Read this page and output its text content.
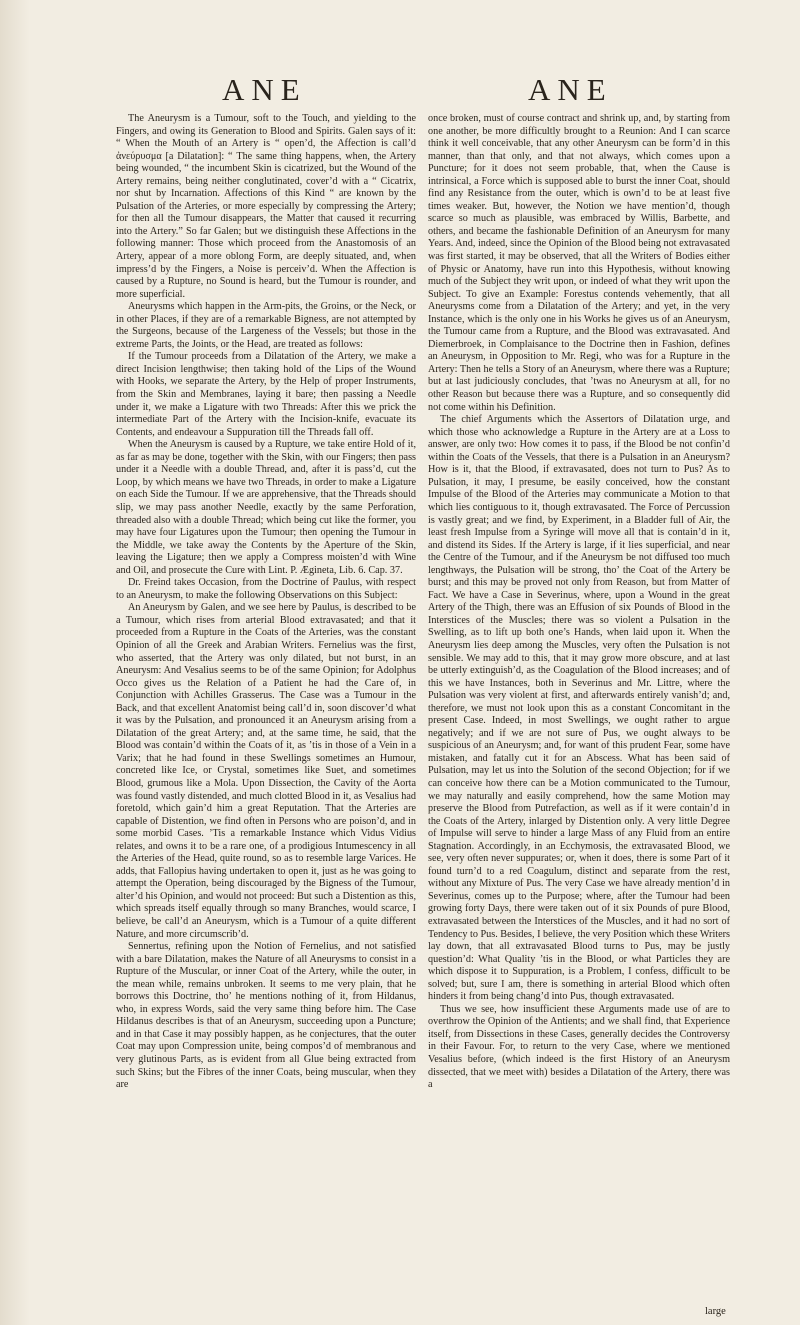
ANE	ANE

The Aneurysm is a Tumour, soft to the Touch, and yielding to the Fingers, and owing its Generation to Blood and Spirits. Galen says of it: “ When the Mouth of an Artery is “ open’d, the Affection is call’d ἀνεύρυσμα [a Dilatation]: “ The same thing happens, when, the Artery being wounded, “ the incumbent Skin is cicatrized, but the Wound of the Artery remains, being neither conglutinated, cover’d with a “ Cicatrix, nor shut by Incarnation. Affections of this Kind “ are known by the Pulsation of the Arteries, or more especially by compressing the Artery; for then all the Tumour disappears, the Matter that caused it recurring into the Artery.” So far Galen; but we distinguish these Affections in the following manner: Those which proceed from the Anastomosis of an Artery, appear of a more oblong Form, are deeply situated, and, when impress’d by the Fingers, a Noise is perceiv’d. When the Affection is caused by a Rupture, no Sound is heard, but the Tumour is rounder, and more superficial.

Aneurysms which happen in the Arm-pits, the Groins, or the Neck, or in other Places, if they are of a remarkable Bigness, are not attempted by the Surgeons, because of the Largeness of the Vessels; but those in the extreme Parts, the Joints, or the Head, are treated as follows:

If the Tumour proceeds from a Dilatation of the Artery, we make a direct Incision lengthwise; then taking hold of the Lips of the Wound with Hooks, we separate the Artery, by the Help of proper Instruments, from the Skin and Membranes, laying it bare; then passing a Needle under it, we make a Ligature with two Threads: After this we prick the intermediate Part of the Artery with the Incision-knife, evacuate its Contents, and endeavour a Suppuration till the Threads fall off.

When the Aneurysm is caused by a Rupture, we take entire Hold of it, as far as may be done, together with the Skin, with our Fingers; then pass under it a Needle with a double Thread, and, after it is pass’d, cut the Loop, by which means we have two Threads, in order to make a Ligature on each Side the Tumour. If we are apprehensive, that the Threads should slip, we may pass another Needle, exactly by the same Perforation, threaded also with a double Thread; which being cut like the former, you may have four Ligatures upon the Tumour; then opening the Tumour in the Middle, we take away the Contents by the Aperture of the Skin, leaving the Ligature; then we apply a Compress moisten’d with Wine and Oil, and prosecute the Cure with Lint. P. Ægineta, Lib. 6. Cap. 37.

Dr. Freind takes Occasion, from the Doctrine of Paulus, with respect to an Aneurysm, to make the following Observations on this Subject:

An Aneurysm by Galen, and we see here by Paulus, is described to be a Tumour, which rises from arterial Blood extravasated; and that it proceeded from a Rupture in the Coats of the Arteries, was the constant Opinion of all the Greek and Arabian Writers. Fernelius was the first, who asserted, that the Artery was only dilated, but not burst, in an Aneurysm: And Vesalius seems to be of the same Opinion; for Adolphus Occo gives us the Relation of a Patient he had the Care of, in Conjunction with Achilles Grasserus. The Case was a Tumour in the Back, and that excellent Anatomist being call’d in, soon discover’d what it was by the Pulsation, and pronounced it an Aneurysm arising from a Dilatation of the great Artery; and, at the same time, he said, that the Blood was contain’d within the Coats of it, as ’tis in those of a Vein in a Varix; that he had found in these Swellings sometimes an Humour, concreted like Ice, or Crystal, sometimes like Suet, and sometimes Blood, grumous like a Mola. Upon Dissection, the Cavity of the Aorta was found vastly distended, and much clotted Blood in it, as Vesalius had foretold, which gain’d him a great Reputation. That the Arteries are capable of Distention, we find often in Persons who are poison’d, and in some morbid Cases. ’Tis a remarkable Instance which Vidus Vidius relates, and owns it to be a rare one, of a prodigious Intumescency in all the Arteries of the Head, quite round, so as to resemble large Varices. He adds, that Fallopius having undertaken to open it, just as he was going to attempt the Operation, being discouraged by the Bigness of the Tumour, alter’d his Opinion, and would not proceed: But such a Distention as this, which spreads itself equally through so many Branches, would scarce, I believe, be call’d an Aneurysm, which is a Tumour of a quite different Nature, and more circumscrib’d.

Sennertus, refining upon the Notion of Fernelius, and not satisfied with a bare Dilatation, makes the Nature of all Aneurysms to consist in a Rupture of the Muscular, or inner Coat of the Artery, while the outer, in the mean while, remains unbroken. It seems to me very plain, that he borrows this Doctrine, tho’ he mentions nothing of it, from Hildanus, who, in express Words, said the very same thing before him. The Case Hildanus describes is that of an Aneurysm, succeeding upon a Puncture; and in that Case it may possibly happen, as he conjectures, that the outer Coat may upon Compression unite, being compos’d of membranous and very glutinous Parts, as is evident from all Glue being extracted from such Skins; but the Fibres of the inner Coats, being muscular, when they are

once broken, must of course contract and shrink up, and, by starting from one another, be more difficultly brought to a Reunion: And I can scarce think it well conceivable, that any other Aneurysm can be form’d in this manner, than that only, and that not always, which comes upon a Puncture; for it does not seem probable, that, when the Cause is intrinsical, a Force which is supposed able to burst the inner Coat, should find any Resistance from the outer, which is own’d to be at least five times weaker. But, however, the Notion we have mention’d, though scarce so much as plausible, was embraced by Willis, Barbette, and others, and became the fashionable Definition of an Aneurysm for many Years. And, indeed, since the Opinion of the Blood being not extravasated was first started, it may be observed, that all the Writers of Bodies either of Physic or Anatomy, have run into this Hypothesis, without knowing much of the Subject they writ upon, or indeed of what they writ upon the Subject. To give an Example: Forestus contends vehemently, that all Aneurysms come from a Dilatation of the Artery; and yet, in the very Instance, which is the only one in his Works he gives us of an Aneurysm, the Tumour came from a Rupture, and the Blood was extravasated. And Diemerbroek, in Complaisance to the Doctrine then in Fashion, defines an Aneurysm, in Opposition to Mr. Regi, who was for a Rupture in the Artery: Then he tells a Story of an Aneurysm, where there was a Rupture; but at last judiciously concludes, that ’twas no Aneurysm at all, for no other Reason but because there was a Rupture, and so consequently did not come within his Definition.

The chief Arguments which the Assertors of Dilatation urge, and which those who acknowledge a Rupture in the Artery are at a Loss to answer, are only two: How comes it to pass, if the Blood be not confin’d within the Coats of the Vessels, that there is a Pulsation in an Aneurysm? How is it, that the Blood, if extravasated, does not turn to Pus? As to Pulsation, it may, I presume, be easily conceived, how the constant Impulse of the Blood of the Arteries may communicate a Motion to that which lies contiguous to it, though extravasated. The Force of Percussion is vastly great; and we find, by Experiment, in a Bladder full of Air, the least fresh Impulse from a Syringe will move all that is contain’d in it, and distend its Sides. If the Artery is large, if it lies superficial, and near the Centre of the Tumour, and if the Aneurysm be not diffused too much lengthways, the Pulsation will be strong, tho’ the Coat of the Artery be burst; and this may be proved not only from Reason, but from Matter of Fact. We have a Case in Severinus, where, upon a Wound in the great Artery of the Thigh, there was an Effusion of six Pounds of Blood in the Interstices of the Muscles; there was so violent a Pulsation in the Swelling, as to lift up both one’s Hands, when laid upon it. When the Aneurysm lies deep among the Muscles, very often the Pulsation is not sensible. We may add to this, that it may grow more obscure, and at last be utterly extinguish’d, as the Coagulation of the Blood increases; and of this we have Instances, both in Severinus and Mr. Littre, where the Pulsation was very violent at first, and afterwards entirely vanish’d; and, therefore, we must not look upon this as a constant Concomitant in the present Case. Indeed, in most Swellings, we ought rather to argue negatively; and if we are not sure of Pus, we ought always to be suspicious of an Aneurysm; and, for want of this prudent Fear, some have mistaken, and fatally cut it for an Abscess. What has been said of Pulsation, may let us into the Solution of the second Objection; for if we can conceive how there can be a Motion communicated to the Tumour, we may naturally and easily comprehend, how the same Motion may preserve the Blood from Putrefaction, as well as if it were contain’d in the Coats of the Artery, inlarged by Distention only. A very little Degree of Impulse will serve to hinder a large Mass of any Fluid from an entire Stagnation. Accordingly, in an Ecchymosis, the extravasated Blood, we see, very often never suppurates; or, when it does, there is some Part of it found turn’d to a red Coagulum, distinct and separate from the rest, without any Mixture of Pus. The very Case we have already mention’d in Severinus, comes up to the Purpose; where, after the Tumour had been growing forty Days, there were taken out of it six Pounds of pure Blood, extravasated between the Interstices of the Muscles, and it had no sort of Tendency to Pus. Besides, I believe, the very Position which these Writers lay down, that all extravasated Blood turns to Pus, may be justly question’d: What Quality ’tis in the Blood, or what Particles they are which dispose it to Suppuration, is a Problem, I confess, difficult to be solved; but, sure I am, there is something in arterial Blood which often hinders it from being chang’d into Pus, though extravasated.

Thus we see, how insufficient these Arguments made use of are to overthrow the Opinion of the Antients; and we shall find, that Experience itself, from Dissections in these Cases, generally decides the Controversy in their Favour. For, to return to the very Case, where we mentioned Vesalius before, (which indeed is the first History of an Aneurysm dissected, that we meet with) besides a Dilatation of the Artery, there was a

large
